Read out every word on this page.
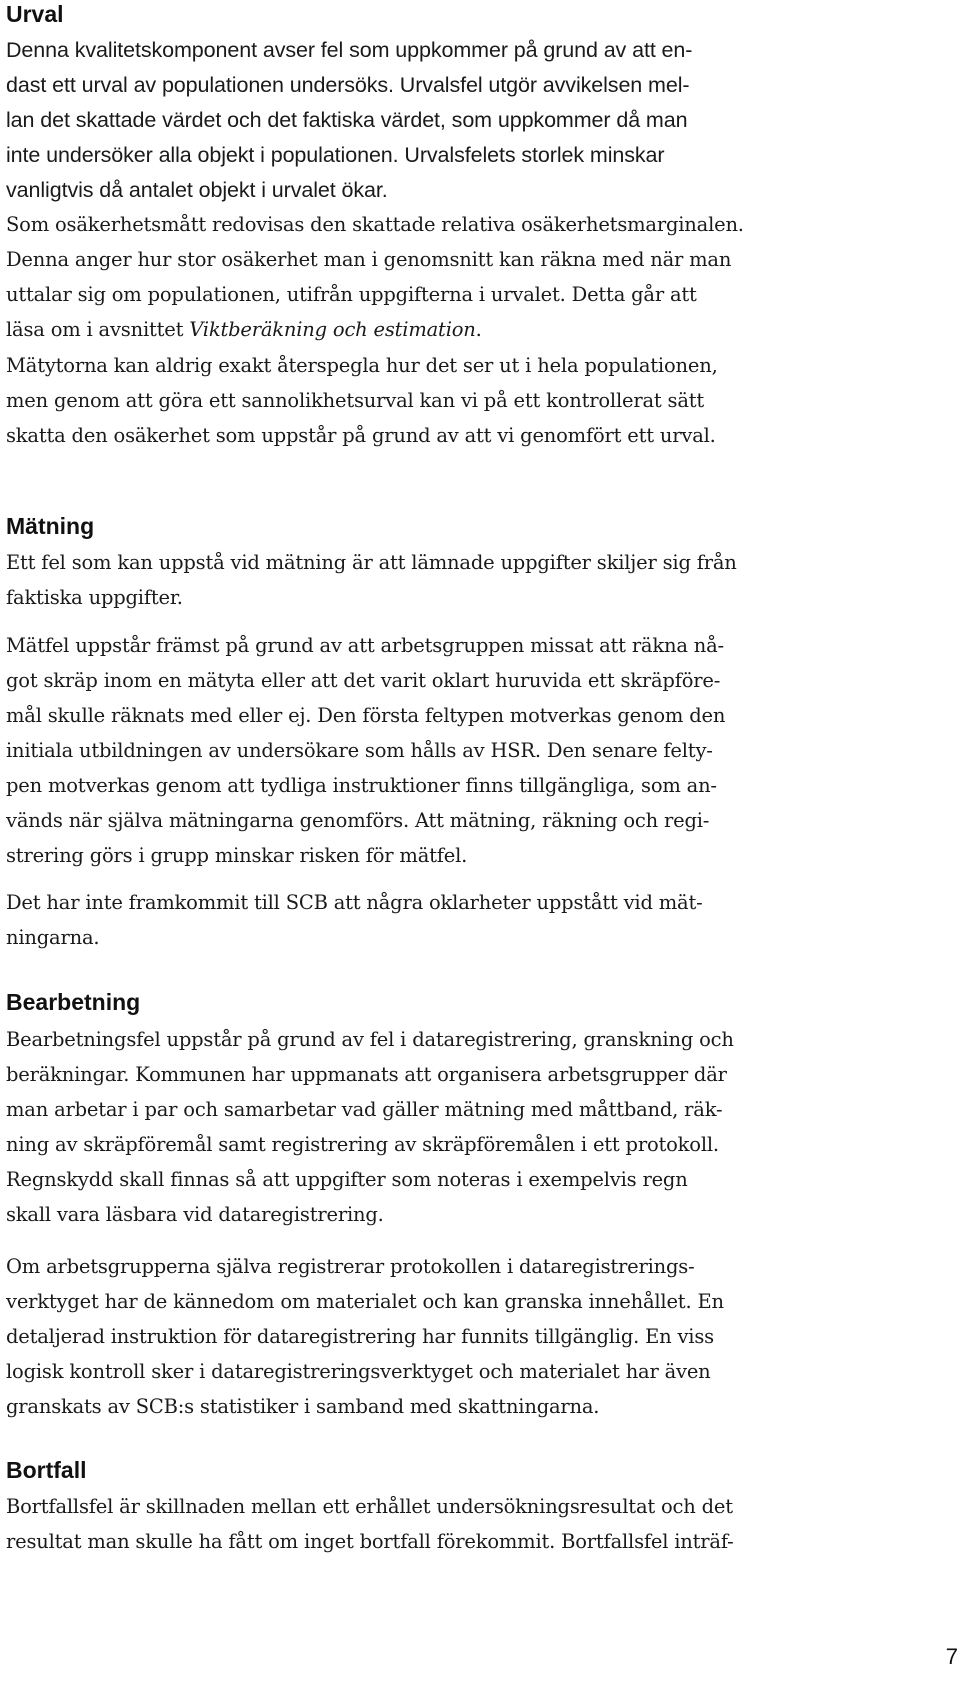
Urval

Denna kvalitetskomponent avser fel som uppkommer på grund av att en-
dast ett urval av populationen undersöks. Urvalsfel utgör avvikelsen mel-
lan det skattade värdet och det faktiska värdet, som uppkommer då man
inte undersöker alla objekt i populationen. Urvalsfelets storlek minskar
vanligtvis då antalet objekt i urvalet ökar.

Som osäkerhetsmått redovisas den skattade relativa osäkerhetsmarginalen.
Denna anger hur stor osäkerhet man i genomsnitt kan räkna med när man
uttalar sig om populationen, utifrån uppgifterna i urvalet. Detta går att
läsa om i avsnittet Viktberäkning och estimation.

Mätytorna kan aldrig exakt återspegla hur det ser ut i hela populationen,
men genom att göra ett sannolikhetsurval kan vi på ett kontrollerat sätt
skatta den osäkerhet som uppstår på grund av att vi genomfört ett urval.

Mätning

Ett fel som kan uppstå vid mätning är att lämnade uppgifter skiljer sig från
faktiska uppgifter.

Mätfel uppstår främst på grund av att arbetsgruppen missat att räkna nå-
got skräp inom en mätyta eller att det varit oklart huruvida ett skräpföre-
mål skulle räknats med eller ej. Den första feltypen motverkas genom den
initiala utbildningen av undersökare som hålls av HSR. Den senare felty-
pen motverkas genom att tydliga instruktioner finns tillgängliga, som an-
vänds när själva mätningarna genomförs. Att mätning, räkning och regi-
strering görs i grupp minskar risken för mätfel.

Det har inte framkommit till SCB att några oklarheter uppstått vid mät-
ningarna.

Bearbetning

Bearbetningsfel uppstår på grund av fel i dataregistrering, granskning och
beräkningar. Kommunen har uppmanats att organisera arbetsgrupper där
man arbetar i par och samarbetar vad gäller mätning med måttband, räk-
ning av skräpföremål samt registrering av skräpföremålen i ett protokoll.
Regnskydd skall finnas så att uppgifter som noteras i exempelvis regn
skall vara läsbara vid dataregistrering.

Om arbetsgrupperna själva registrerar protokollen i dataregistrerings-
verktyget har de kännedom om materialet och kan granska innehållet. En
detaljerad instruktion för dataregistrering har funnits tillgänglig. En viss
logisk kontroll sker i dataregistreringsverktyget och materialet har även
granskats av SCB:s statistiker i samband med skattningarna.

Bortfall

Bortfallsfel är skillnaden mellan ett erhållet undersökningsresultat och det
resultat man skulle ha fått om inget bortfall förekommit. Bortfallsfel inträf-

7
